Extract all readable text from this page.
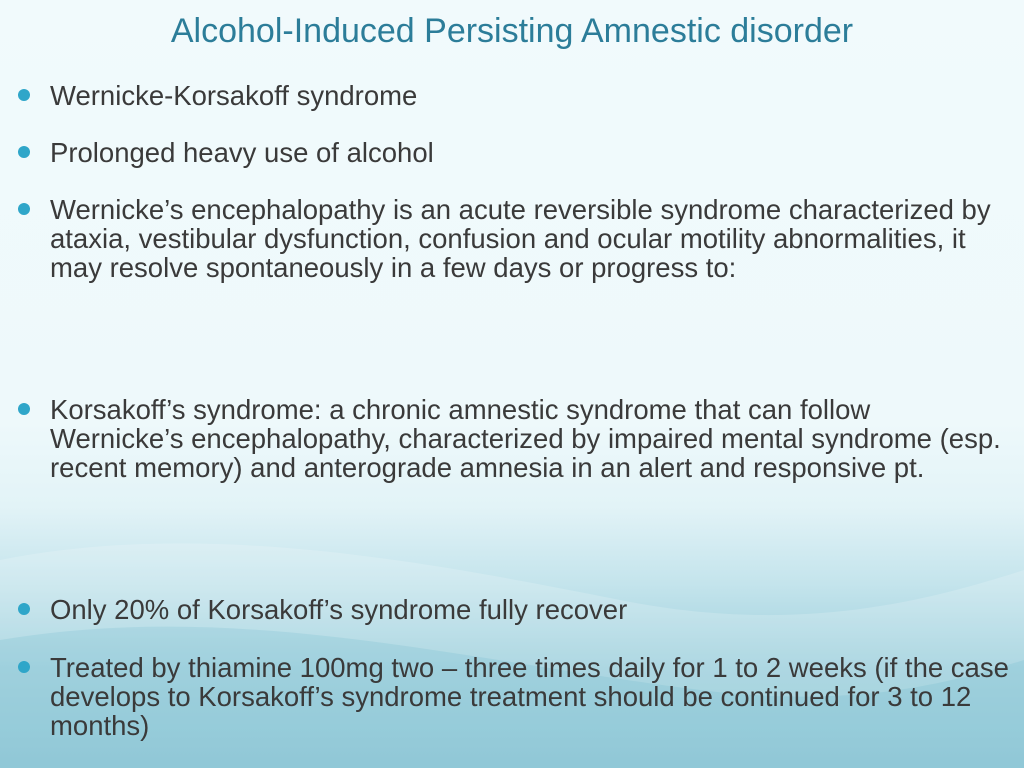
Alcohol-Induced Persisting Amnestic disorder
Wernicke-Korsakoff syndrome
Prolonged heavy use of alcohol
Wernicke’s encephalopathy is an acute reversible syndrome characterized by ataxia, vestibular dysfunction, confusion and ocular motility abnormalities, it may resolve spontaneously in a few days or progress to:
Korsakoff’s syndrome: a chronic amnestic syndrome that can follow Wernicke’s encephalopathy, characterized by impaired mental syndrome (esp. recent memory) and anterograde amnesia in an alert and responsive pt.
Only 20% of Korsakoff’s syndrome fully recover
Treated by thiamine 100mg two – three times daily for 1 to 2 weeks (if the case develops to Korsakoff’s syndrome treatment should be continued for 3 to 12 months)
